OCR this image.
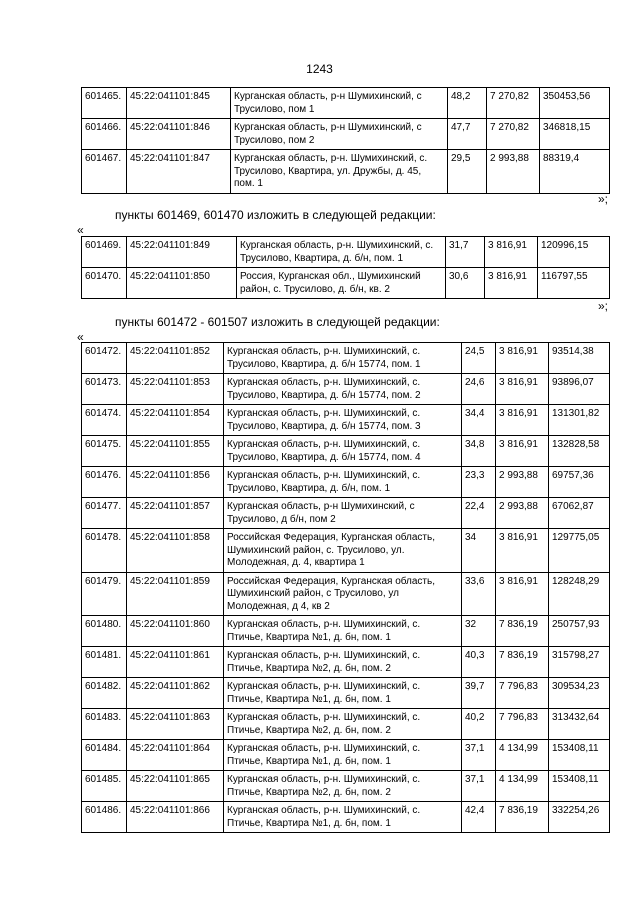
1243
601465.	45:22:041101:845	Курганская область, р-н Шумихинский, с Трусилово, пом 1	48,2	7 270,82	350453,56
601466.	45:22:041101:846	Курганская область, р-н Шумихинский, с Трусилово, пом 2	47,7	7 270,82	346818,15
601467.	45:22:041101:847	Курганская область, р-н. Шумихинский, с. Трусилово, Квартира, ул. Дружбы, д. 45, пом. 1	29,5	2 993,88	88319,4
»;
пункты 601469, 601470 изложить в следующей редакции:
«
601469.	45:22:041101:849	Курганская область, р-н. Шумихинский, с. Трусилово, Квартира, д. б/н, пом. 1	31,7	3 816,91	120996,15
601470.	45:22:041101:850	Россия, Курганская обл., Шумихинский район, с. Трусилово, д. б/н, кв. 2	30,6	3 816,91	116797,55
»;
пункты 601472 - 601507 изложить в следующей редакции:
«
601472.	45:22:041101:852	Курганская область, р-н. Шумихинский, с. Трусилово, Квартира, д. б/н 15774, пом. 1	24,5	3 816,91	93514,38
601473.	45:22:041101:853	Курганская область, р-н. Шумихинский, с. Трусилово, Квартира, д. б/н 15774, пом. 2	24,6	3 816,91	93896,07
601474.	45:22:041101:854	Курганская область, р-н. Шумихинский, с. Трусилово, Квартира, д. б/н 15774, пом. 3	34,4	3 816,91	131301,82
601475.	45:22:041101:855	Курганская область, р-н. Шумихинский, с. Трусилово, Квартира, д. б/н 15774, пом. 4	34,8	3 816,91	132828,58
601476.	45:22:041101:856	Курганская область, р-н. Шумихинский, с. Трусилово, Квартира, д. б/н, пом. 1	23,3	2 993,88	69757,36
601477.	45:22:041101:857	Курганская область, р-н Шумихинский, с Трусилово, д б/н, пом 2	22,4	2 993,88	67062,87
601478.	45:22:041101:858	Российская Федерация, Курганская область, Шумихинский район, с. Трусилово, ул. Молодежная, д. 4, квартира 1	34	3 816,91	129775,05
601479.	45:22:041101:859	Российская Федерация, Курганская область, Шумихинский район, с Трусилово, ул Молодежная, д 4, кв 2	33,6	3 816,91	128248,29
601480.	45:22:041101:860	Курганская область, р-н. Шумихинский, с. Птичье, Квартира №1, д. бн, пом. 1	32	7 836,19	250757,93
601481.	45:22:041101:861	Курганская область, р-н. Шумихинский, с. Птичье, Квартира №2, д. бн, пом. 2	40,3	7 836,19	315798,27
601482.	45:22:041101:862	Курганская область, р-н. Шумихинский, с. Птичье, Квартира №1, д. бн, пом. 1	39,7	7 796,83	309534,23
601483.	45:22:041101:863	Курганская область, р-н. Шумихинский, с. Птичье, Квартира №2, д. бн, пом. 2	40,2	7 796,83	313432,64
601484.	45:22:041101:864	Курганская область, р-н. Шумихинский, с. Птичье, Квартира №1, д. бн, пом. 1	37,1	4 134,99	153408,11
601485.	45:22:041101:865	Курганская область, р-н. Шумихинский, с. Птичье, Квартира №2, д. бн, пом. 2	37,1	4 134,99	153408,11
601486.	45:22:041101:866	Курганская область, р-н. Шумихинский, с. Птичье, Квартира №1, д. бн, пом. 1	42,4	7 836,19	332254,26
